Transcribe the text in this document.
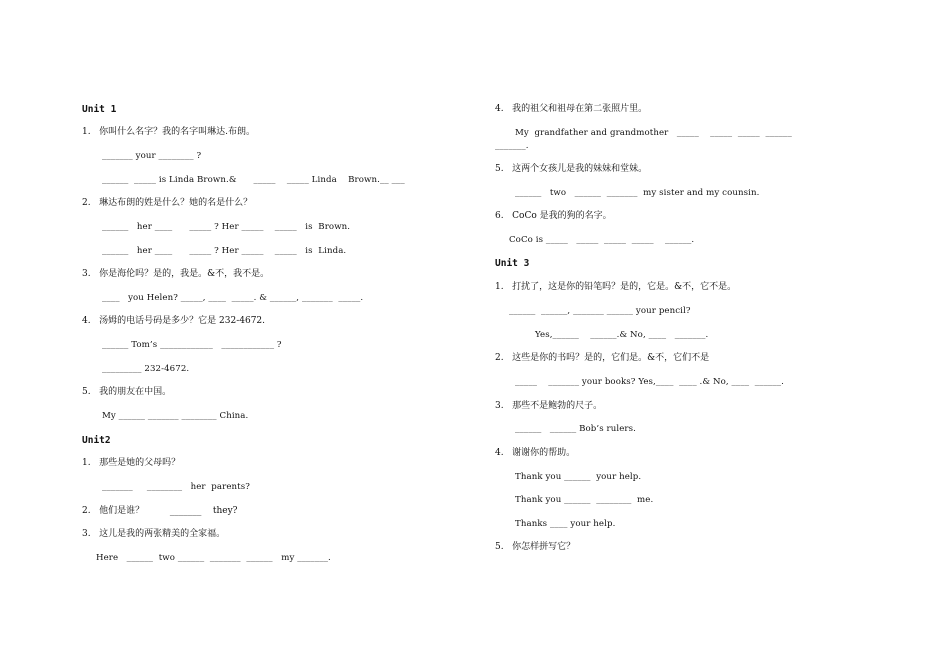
Unit 1
1.   你叫什么名字？我的名字叫琳达.布朗。
_______ your ________ ?
______  _____ is Linda Brown.&      _____    _____ Linda    Brown.__ ___
2.   琳达布朗的姓是什么？她的名是什么？
______   her ____      _____ ? Her _____    _____   is  Brown.
______   her ____      _____ ? Her _____    _____   is  Linda.
3.   你是海伦吗？是的，我是。&不，我不是。
____   you Helen? _____, ____  _____. & ______, _______  _____.
4.   汤姆的电话号码是多少？它是 232-4672.
______ Tom’s ____________   ____________ ?
_________ 232-4672.
5.   我的朋友在中国。
My ______ _______ ________ China.
Unit2
1.   那些是她的父母吗？
_______     ________   her  parents?
2.   他们是谁？         _______    they?
3.   这儿是我的两张精美的全家福。
Here   ______  two ______  _______  ______   my _______.
4.   我的祖父和祖母在第二张照片里。
My  grandfather and grandmother   _____    _____  _____  ______
_______.
5.   这两个女孩儿是我的妹妹和堂妹。
______   two   ______  _______  my sister and my counsin.
6.   CoCo 是我的狗的名字。
CoCo is _____   _____  _____  _____    ______.
Unit 3
1.   打扰了，这是你的铅笔吗？是的，它是。&不，它不是。
______  ______, _______ ______ your pencil?
Yes,______    ______.& No, ____   _______.
2.   这些是你的书吗？是的，它们是。&不，它们不是
_____    _______ your books? Yes,____  ____ .& No, ____  ______.
3.   那些不是鲍勃的尺子。
______   ______ Bob’s rulers.
4.   谢谢你的帮助。
Thank you ______  your help.
Thank you ______  ________  me.
Thanks ____ your help.
5.   你怎样拼写它？
